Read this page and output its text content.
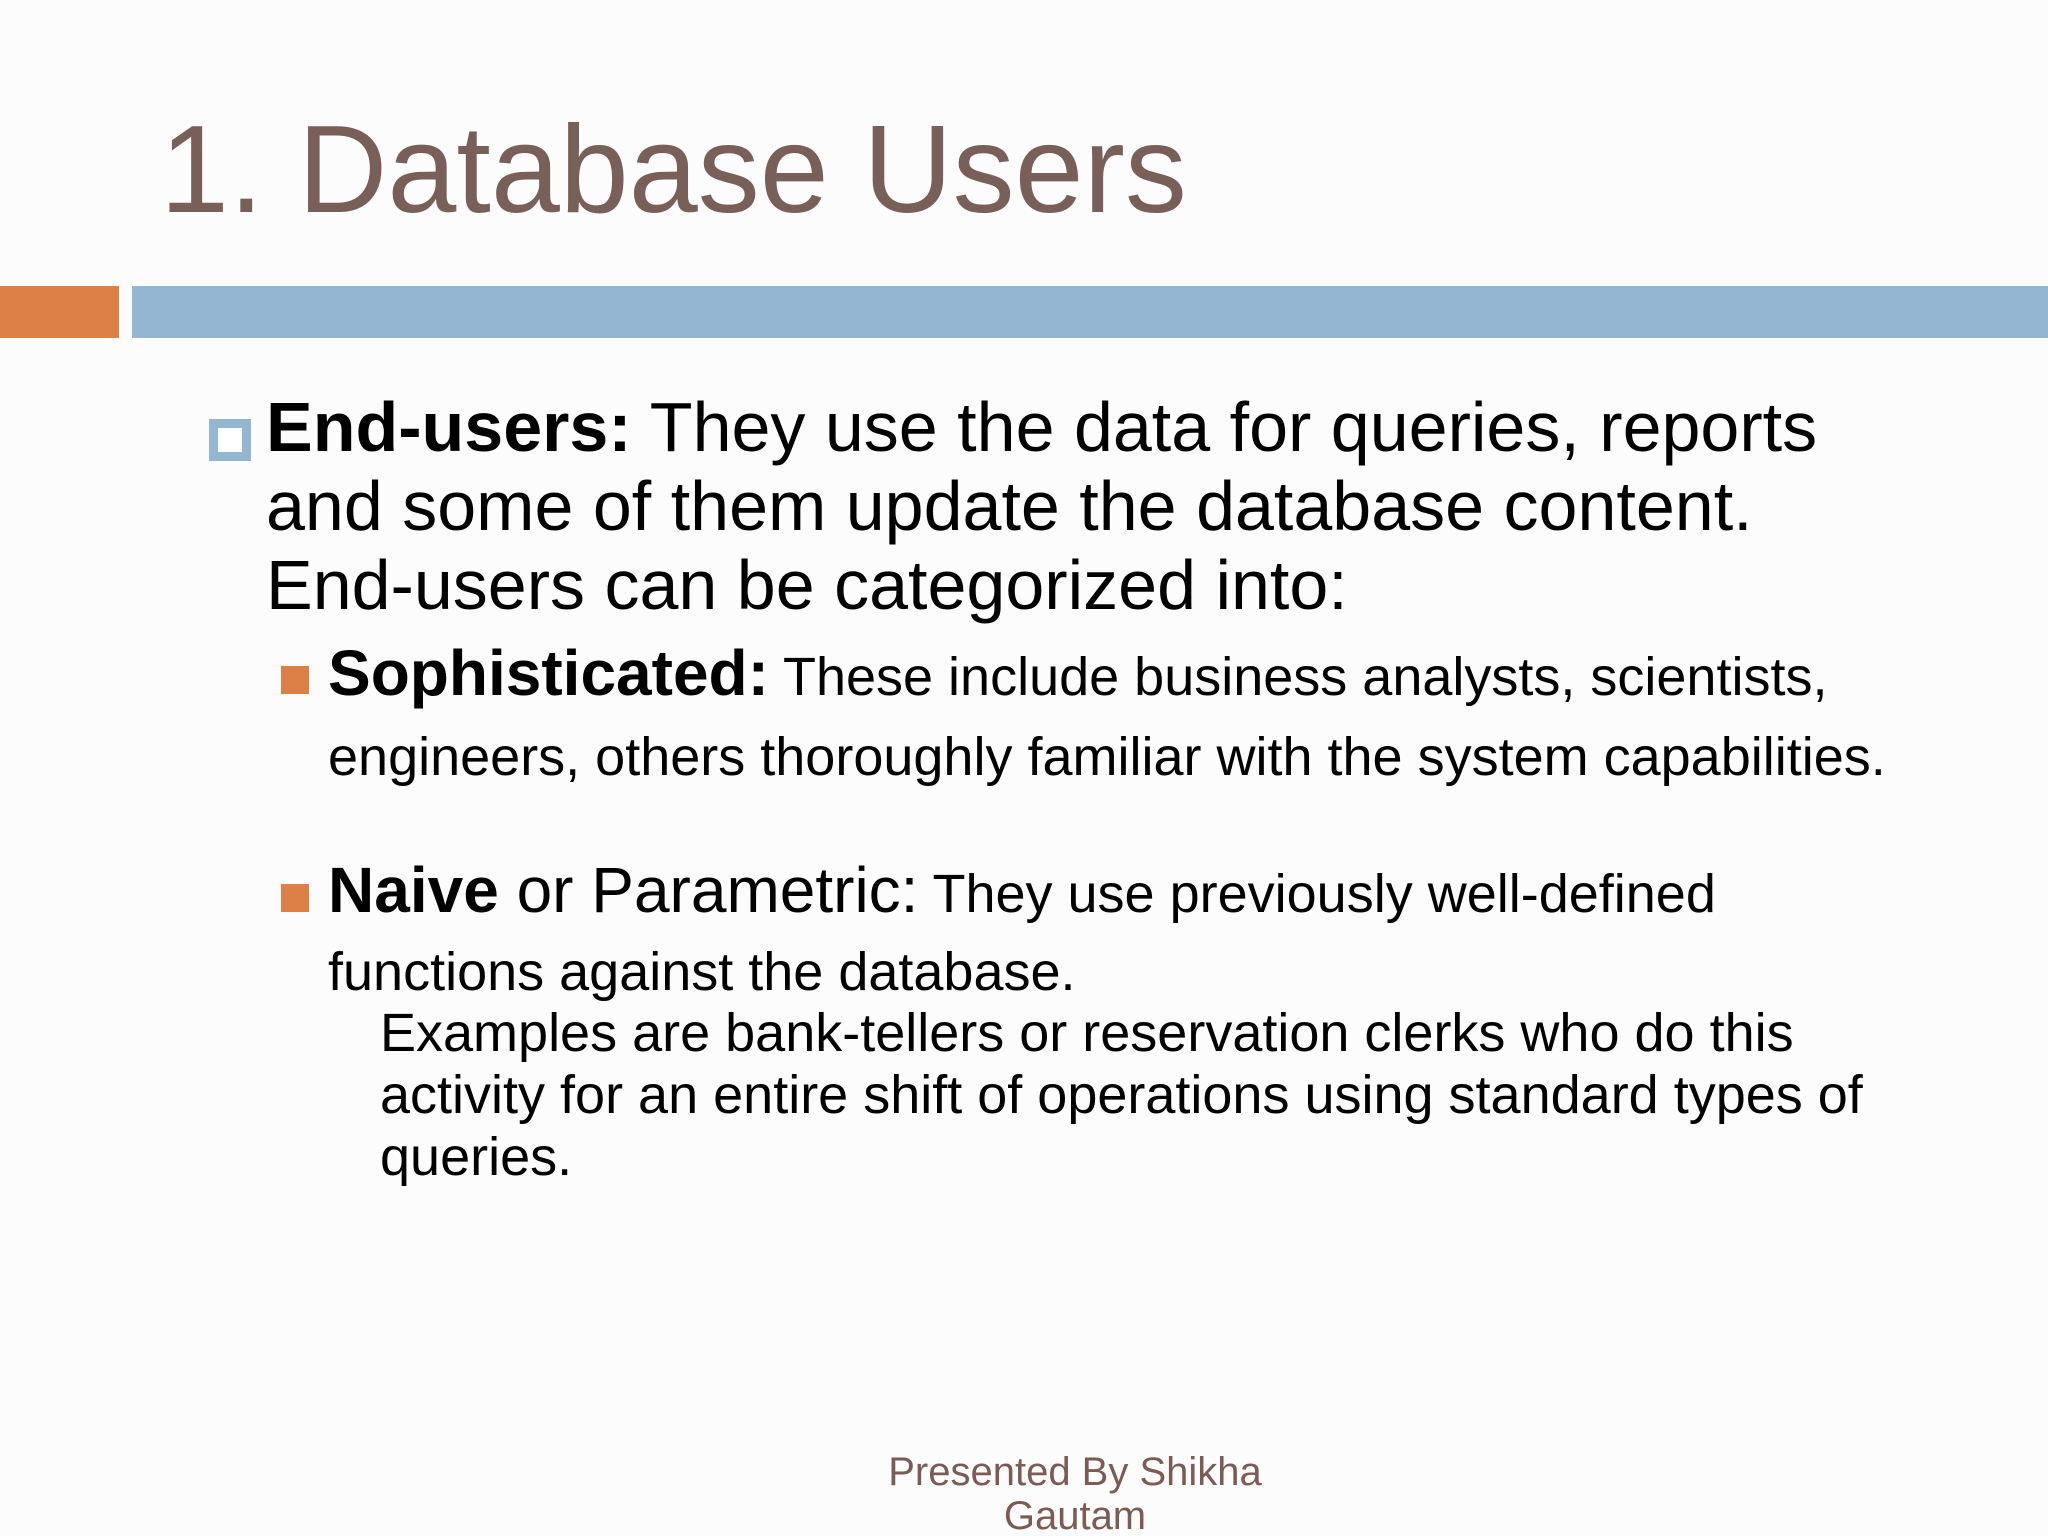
1. Database Users
End-users: They use the data for queries, reports and some of them update the database content. End-users can be categorized into:
Sophisticated: These include business analysts, scientists, engineers, others thoroughly familiar with the system capabilities.
Naive or Parametric: They use previously well-defined functions against the database.
Examples are bank-tellers or reservation clerks who do this activity for an entire shift of operations using standard types of queries.
Presented By Shikha Gautam
